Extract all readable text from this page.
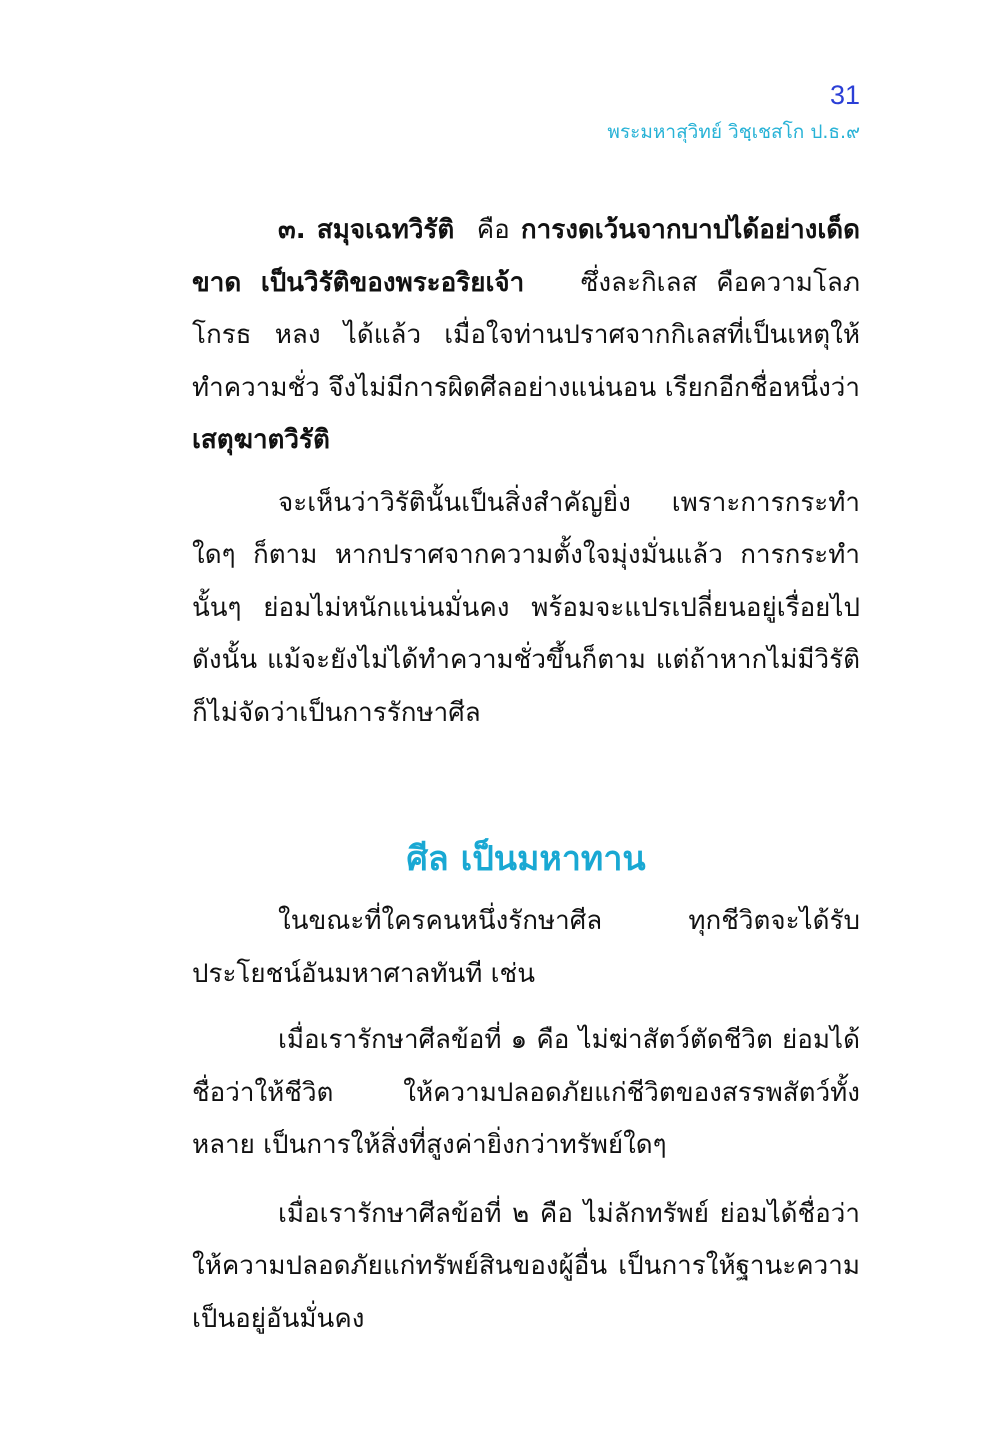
31
พระมหาสุวิทย์ วิชฺเชสโก ป.ธ.๙

๓. สมุจเฉทวิรัติ คือ การงดเว้นจากบาปได้อย่างเด็ดขาด เป็นวิรัติของพระอริยเจ้า ซึ่งละกิเลส คือความโลภ โกรธ หลง ได้แล้ว เมื่อใจท่านปราศจากกิเลสที่เป็นเหตุให้ทำความชั่ว จึงไม่มีการผิดศีลอย่างแน่นอน เรียกอีกชื่อหนึ่งว่า เสตุฆาตวิรัติ

จะเห็นว่าวิรัตินั้นเป็นสิ่งสำคัญยิ่ง เพราะการกระทำใดๆ ก็ตาม หากปราศจากความตั้งใจมุ่งมั่นแล้ว การกระทำนั้นๆ ย่อมไม่หนักแน่นมั่นคง พร้อมจะแปรเปลี่ยนอยู่เรื่อยไป ดังนั้น แม้จะยังไม่ได้ทำความชั่วขึ้นก็ตาม แต่ถ้าหากไม่มีวิรัติ ก็ไม่จัดว่าเป็นการรักษาศีล

ศีล เป็นมหาทาน

ในขณะที่ใครคนหนึ่งรักษาศีล ทุกชีวิตจะได้รับประโยชน์อันมหาศาลทันที เช่น

เมื่อเรารักษาศีลข้อที่ ๑ คือ ไม่ฆ่าสัตว์ตัดชีวิต ย่อมได้ชื่อว่าให้ชีวิต ให้ความปลอดภัยแก่ชีวิตของสรรพสัตว์ทั้งหลาย เป็นการให้สิ่งที่สูงค่ายิ่งกว่าทรัพย์ใดๆ

เมื่อเรารักษาศีลข้อที่ ๒ คือ ไม่ลักทรัพย์ ย่อมได้ชื่อว่าให้ความปลอดภัยแก่ทรัพย์สินของผู้อื่น เป็นการให้ฐานะความเป็นอยู่อันมั่นคง
